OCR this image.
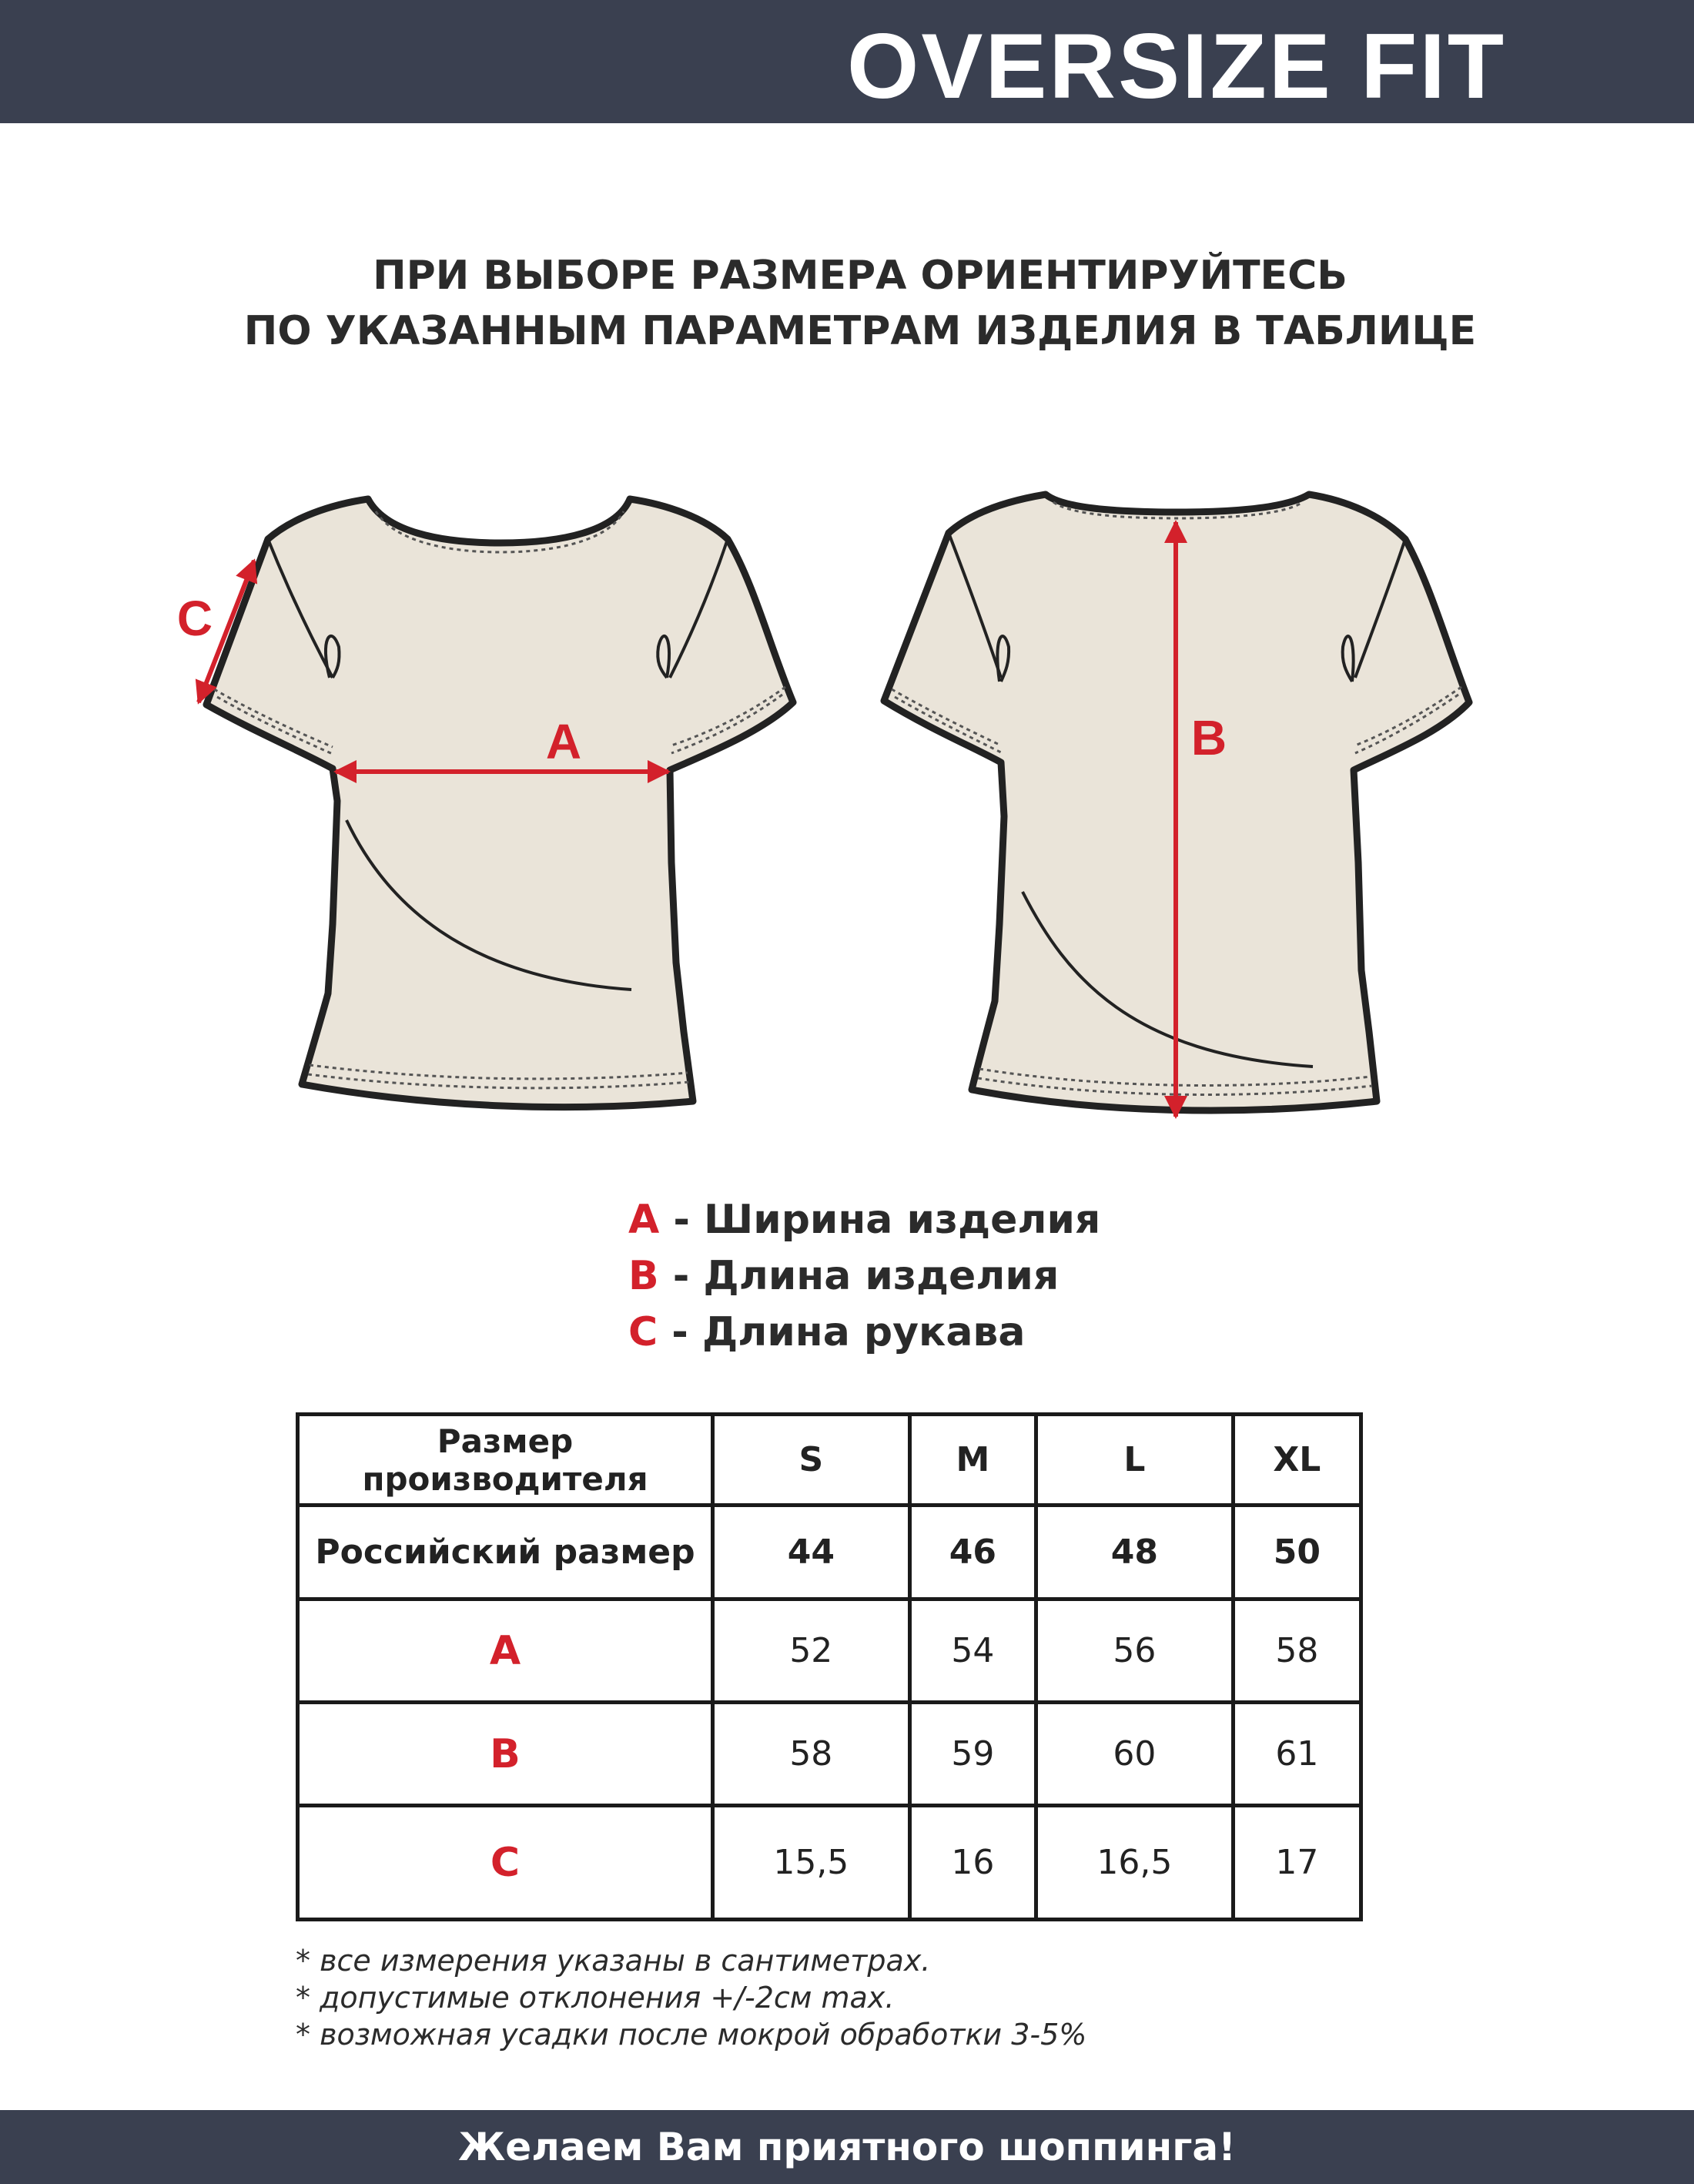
OVERSIZE FIT
ПРИ ВЫБОРЕ РАЗМЕРА ОРИЕНТИРУЙТЕСЬ
ПО УКАЗАННЫМ ПАРАМЕТРАМ ИЗДЕЛИЯ В ТАБЛИЦЕ
A	B
C
A - Ширина изделия
B - Длина изделия
C - Длина рукава
Размер производителя	S	M	L	XL
Российский размер	44	46	48	50
A	52	54	56	58
B	58	59	60	61
C	15,5	16	16,5	17
* все измерения указаны в сантиметрах.
* допустимые отклонения +/-2см max.
* возможная усадки после мокрой обработки 3-5%
Желаем Вам приятного шоппинга!
